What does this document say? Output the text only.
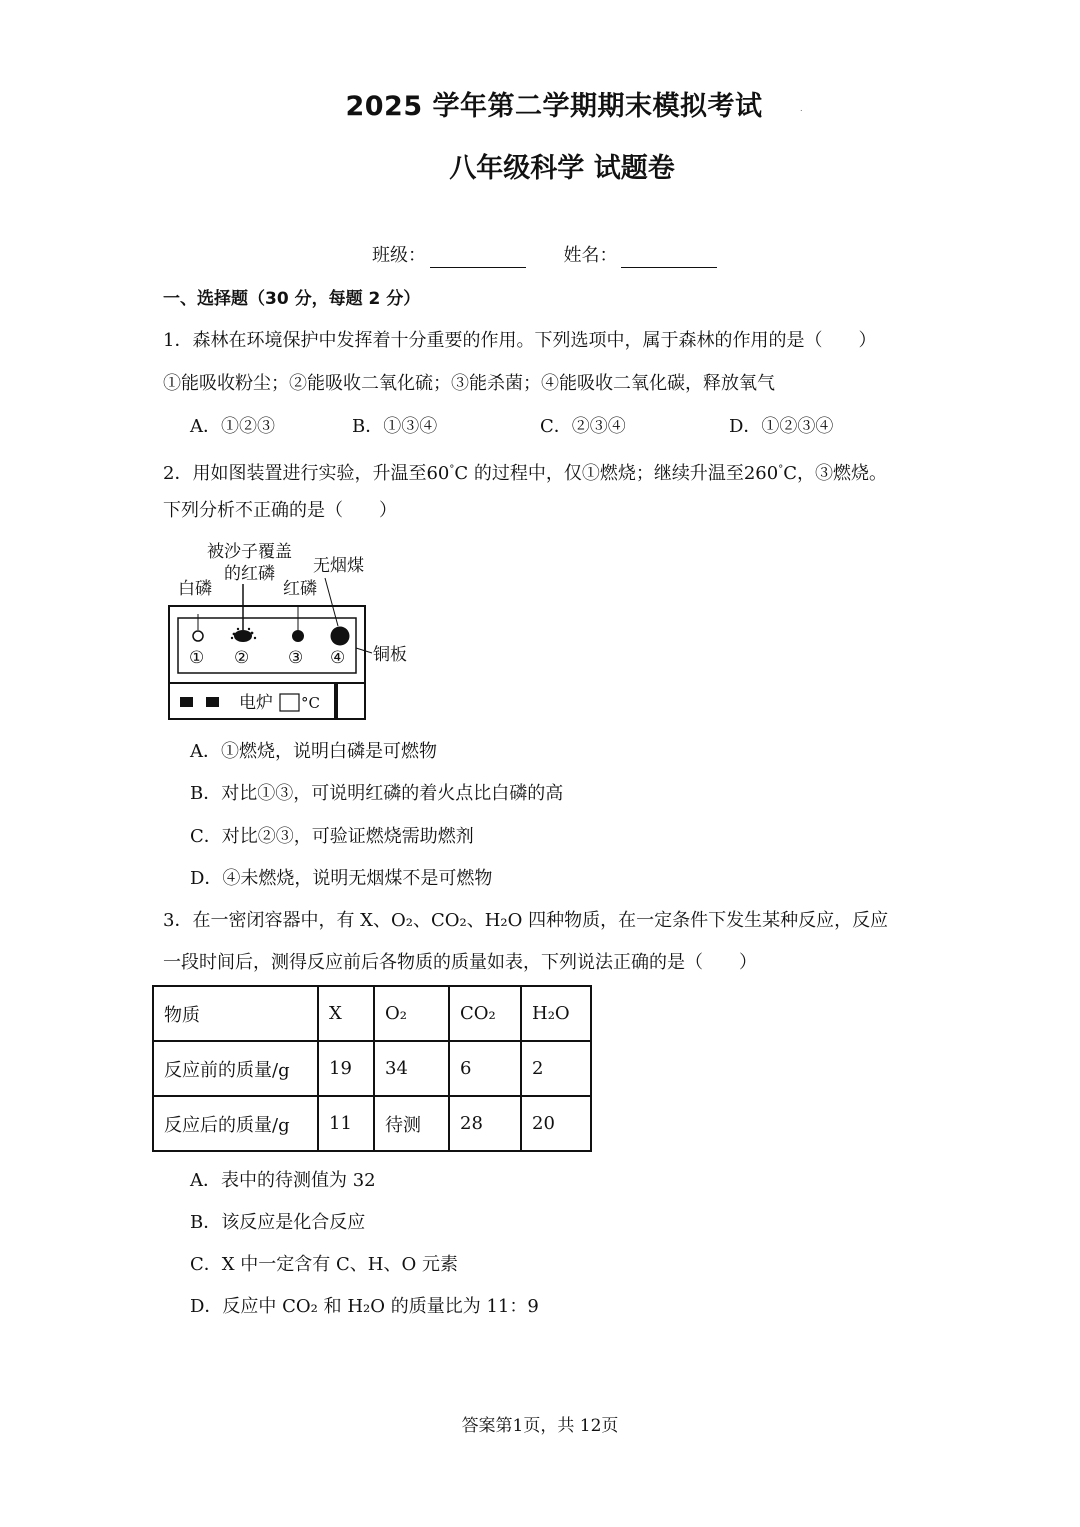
2025 学年第二学期期末模拟考试	.
八年级科学 试题卷
班级：	姓名：
一、选择题（30 分，每题 2 分）
1．森林在环境保护中发挥着十分重要的作用。下列选项中，属于森林的作用的是（　　）
①能吸收粉尘；②能吸收二氧化硫；③能杀菌；④能吸收二氧化碳，释放氧气
A．①②③	B．①③④	C．②③④	D．①②③④
2．用如图装置进行实验，升温至60°C 的过程中，仅①燃烧；继续升温至260°C，③燃烧。
下列分析不正确的是（　　）
被沙子覆盖
的红磷 无烟煤
白磷	红磷
铜板
① ② ③ ④
电炉 °C
A．①燃烧，说明白磷是可燃物
B．对比①③，可说明红磷的着火点比白磷的高
C．对比②③，可验证燃烧需助燃剂
D．④未燃烧，说明无烟煤不是可燃物
3．在一密闭容器中，有 X、O₂、CO₂、H₂O 四种物质，在一定条件下发生某种反应，反应
一段时间后，测得反应前后各物质的质量如表，下列说法正确的是（　　）
物质	X	O₂	CO₂	H₂O
反应前的质量/g	19	34	6	2
反应后的质量/g	11	待测	28	20
A．表中的待测值为 32
B．该反应是化合反应
C．X 中一定含有 C、H、O 元素
D．反应中 CO₂ 和 H₂O 的质量比为 11：9
答案第1页，共 12页
